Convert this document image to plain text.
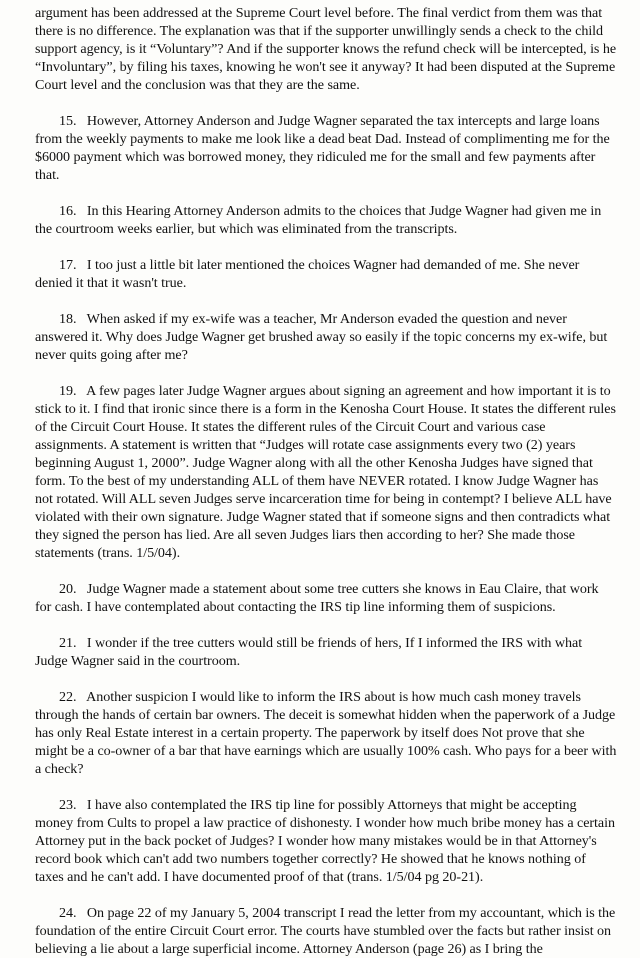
argument has been addressed at the Supreme Court level before. The final verdict from them was that there is no difference. The explanation was that if the supporter unwillingly sends a check to the child support agency, is it “Voluntary”? And if the supporter knows the refund check will be intercepted, is he “Involuntary”, by filing his taxes, knowing he won't see it anyway? It had been disputed at the Supreme Court level and the conclusion was that they are the same.

15. However, Attorney Anderson and Judge Wagner separated the tax intercepts and large loans from the weekly payments to make me look like a dead beat Dad. Instead of complimenting me for the $6000 payment which was borrowed money, they ridiculed me for the small and few payments after that.

16. In this Hearing Attorney Anderson admits to the choices that Judge Wagner had given me in the courtroom weeks earlier, but which was eliminated from the transcripts.

17. I too just a little bit later mentioned the choices Wagner had demanded of me. She never denied it that it wasn't true.

18. When asked if my ex-wife was a teacher, Mr Anderson evaded the question and never answered it. Why does Judge Wagner get brushed away so easily if the topic concerns my ex-wife, but never quits going after me?

19. A few pages later Judge Wagner argues about signing an agreement and how important it is to stick to it. I find that ironic since there is a form in the Kenosha Court House. It states the different rules of the Circuit Court House. It states the different rules of the Circuit Court and various case assignments. A statement is written that “Judges will rotate case assignments every two (2) years beginning August 1, 2000”. Judge Wagner along with all the other Kenosha Judges have signed that form. To the best of my understanding ALL of them have NEVER rotated. I know Judge Wagner has not rotated. Will ALL seven Judges serve incarceration time for being in contempt? I believe ALL have violated with their own signature. Judge Wagner stated that if someone signs and then contradicts what they signed the person has lied. Are all seven Judges liars then according to her? She made those statements (trans. 1/5/04).

20. Judge Wagner made a statement about some tree cutters she knows in Eau Claire, that work for cash. I have contemplated about contacting the IRS tip line informing them of suspicions.

21. I wonder if the tree cutters would still be friends of hers, If I informed the IRS with what Judge Wagner said in the courtroom.

22. Another suspicion I would like to inform the IRS about is how much cash money travels through the hands of certain bar owners. The deceit is somewhat hidden when the paperwork of a Judge has only Real Estate interest in a certain property. The paperwork by itself does Not prove that she might be a co-owner of a bar that have earnings which are usually 100% cash. Who pays for a beer with a check?

23. I have also contemplated the IRS tip line for possibly Attorneys that might be accepting money from Cults to propel a law practice of dishonesty. I wonder how much bribe money has a certain Attorney put in the back pocket of Judges? I wonder how many mistakes would be in that Attorney's record book which can't add two numbers together correctly? He showed that he knows nothing of taxes and he can't add. I have documented proof of that (trans. 1/5/04 pg 20-21).

24. On page 22 of my January 5, 2004 transcript I read the letter from my accountant, which is the foundation of the entire Circuit Court error. The courts have stumbled over the facts but rather insist on believing a lie about a large superficial income. Attorney Anderson (page 26) as I bring the
